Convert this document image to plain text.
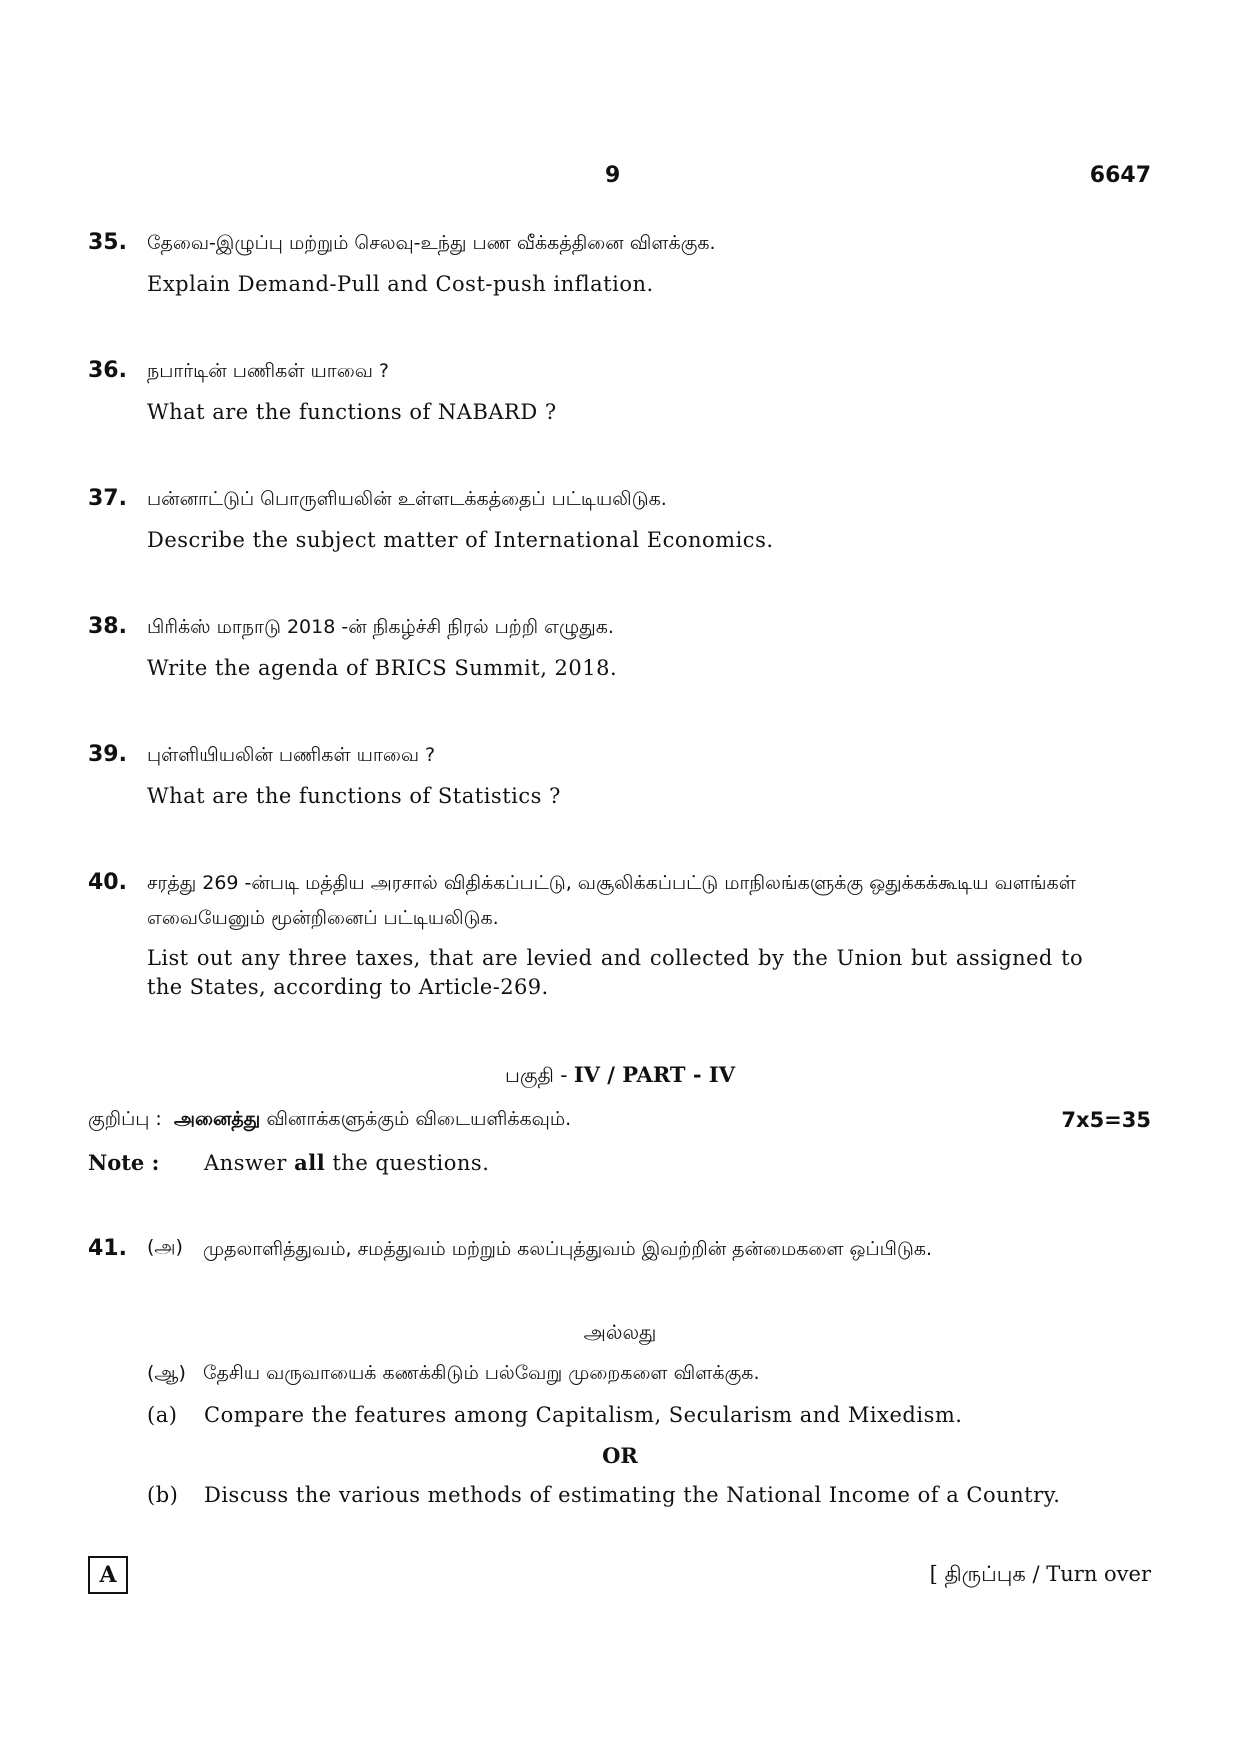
9	6647
35. தேவை-இழுப்பு மற்றும் செலவு-உந்து பண வீக்கத்தினை விளக்குக.
Explain Demand-Pull and Cost-push inflation.
36. நபார்டின் பணிகள் யாவை ?
What are the functions of NABARD ?
37. பன்னாட்டுப் பொருளியலின் உள்ளடக்கத்தைப் பட்டியலிடுக.
Describe the subject matter of International Economics.
38. பிரிக்ஸ் மாநாடு 2018 -ன் நிகழ்ச்சி நிரல் பற்றி எழுதுக.
Write the agenda of BRICS Summit, 2018.
39. புள்ளியியலின் பணிகள் யாவை ?
What are the functions of Statistics ?
40. சரத்து 269 -ன்படி மத்திய அரசால் விதிக்கப்பட்டு, வசூலிக்கப்பட்டு மாநிலங்களுக்கு ஒதுக்கக்கூடிய வளங்கள் எவையேனும் மூன்றினைப் பட்டியலிடுக.
List out any three taxes, that are levied and collected by the Union but assigned to the States, according to Article-269.
பகுதி - IV / PART - IV
குறிப்பு : அனைத்து வினாக்களுக்கும் விடையளிக்கவும்.	7x5=35
Note : Answer all the questions.
41. (அ) முதலாளித்துவம், சமத்துவம் மற்றும் கலப்புத்துவம் இவற்றின் தன்மைகளை ஒப்பிடுக.
அல்லது
(ஆ) தேசிய வருவாயைக் கணக்கிடும் பல்வேறு முறைகளை விளக்குக.
(a) Compare the features among Capitalism, Secularism and Mixedism.
OR
(b) Discuss the various methods of estimating the National Income of a Country.
A	[ திருப்புக / Turn over
